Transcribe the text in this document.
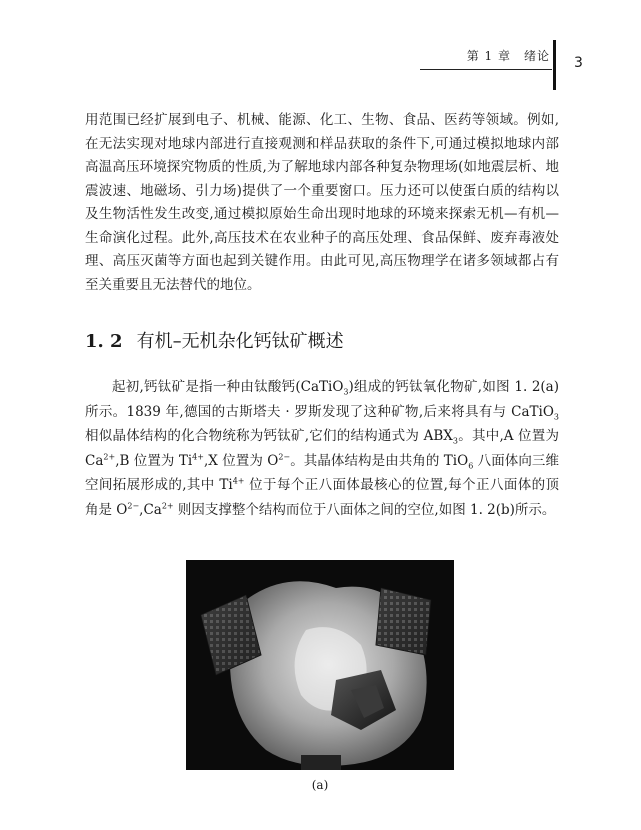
第 1 章　绪论 3

用范围已经扩展到电子、机械、能源、化工、生物、食品、医药等领域。例如,在无法实现对地球内部进行直接观测和样品获取的条件下,可通过模拟地球内部高温高压环境探究物质的性质,为了解地球内部各种复杂物理场(如地震层析、地震波速、地磁场、引力场)提供了一个重要窗口。压力还可以使蛋白质的结构以及生物活性发生改变,通过模拟原始生命出现时地球的环境来探索无机—有机—生命演化过程。此外,高压技术在农业种子的高压处理、食品保鲜、废弃毒液处理、高压灭菌等方面也起到关键作用。由此可见,高压物理学在诸多领域都占有至关重要且无法替代的地位。

1. 2 有机–无机杂化钙钛矿概述

起初,钙钛矿是指一种由钛酸钙(CaTiO$_3$)组成的钙钛氧化物矿,如图 1. 2(a)所示。1839 年,德国的古斯塔夫 · 罗斯发现了这种矿物,后来将具有与 CaTiO$_3$ 相似晶体结构的化合物统称为钙钛矿,它们的结构通式为 $ABX_3$。其中,A 位置为 $Ca^{2+},B$ 位置为 $Ti^{4+},X$ 位置为 $O^{2-}$。其晶体结构是由共角的 TiO$_6$ 八面体向三维空间拓展形成的,其中 $Ti^{4+}$ 位于每个正八面体最核心的位置,每个正八面体的顶角是 $O^{2-},Ca^{2+}$ 则因支撑整个结构而位于八面体之间的空位,如图 1. 2(b)所示。

(a)
